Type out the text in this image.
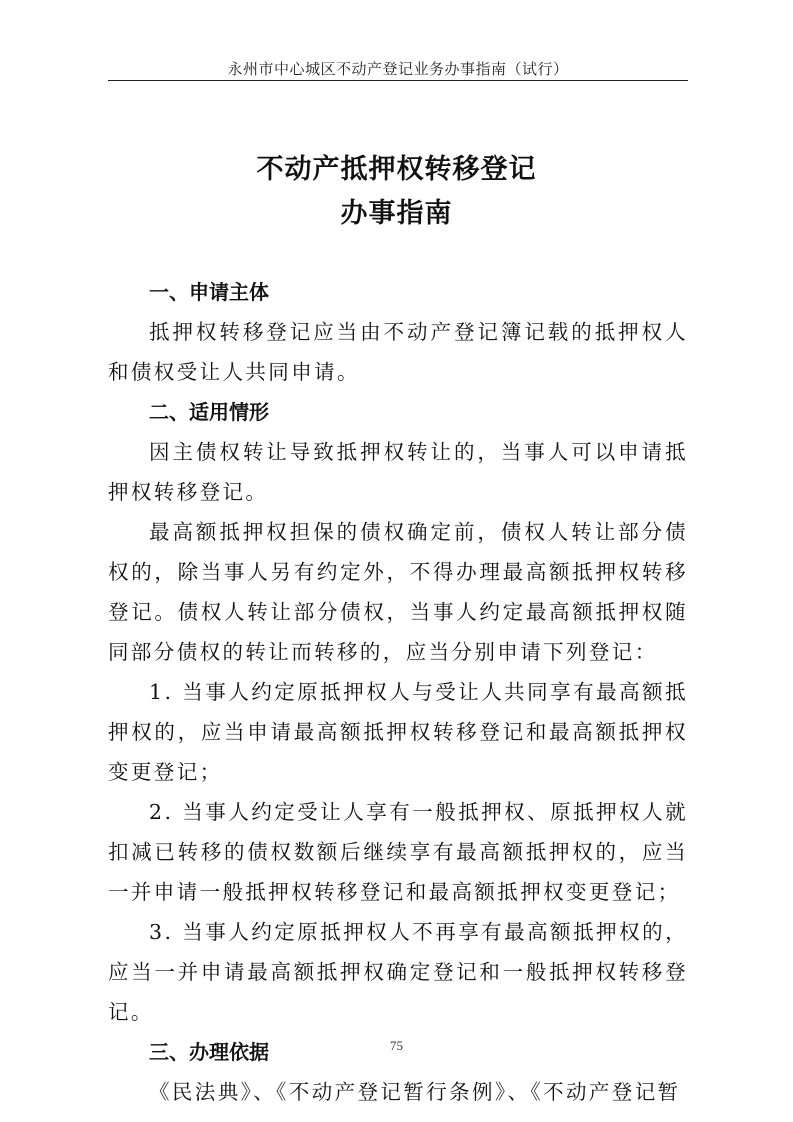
永州市中心城区不动产登记业务办事指南（试行）
不动产抵押权转移登记
办事指南

一、申请主体

抵押权转移登记应当由不动产登记簿记载的抵押权人和债权受让人共同申请。

二、适用情形

因主债权转让导致抵押权转让的，当事人可以申请抵押权转移登记。

最高额抵押权担保的债权确定前，债权人转让部分债权的，除当事人另有约定外，不得办理最高额抵押权转移登记。债权人转让部分债权，当事人约定最高额抵押权随同部分债权的转让而转移的，应当分别申请下列登记：

1. 当事人约定原抵押权人与受让人共同享有最高额抵押权的，应当申请最高额抵押权转移登记和最高额抵押权变更登记；

2. 当事人约定受让人享有一般抵押权、原抵押权人就扣减已转移的债权数额后继续享有最高额抵押权的，应当一并申请一般抵押权转移登记和最高额抵押权变更登记；

3. 当事人约定原抵押权人不再享有最高额抵押权的，应当一并申请最高额抵押权确定登记和一般抵押权转移登记。

三、办理依据

《民法典》、《不动产登记暂行条例》、《不动产登记暂

75
